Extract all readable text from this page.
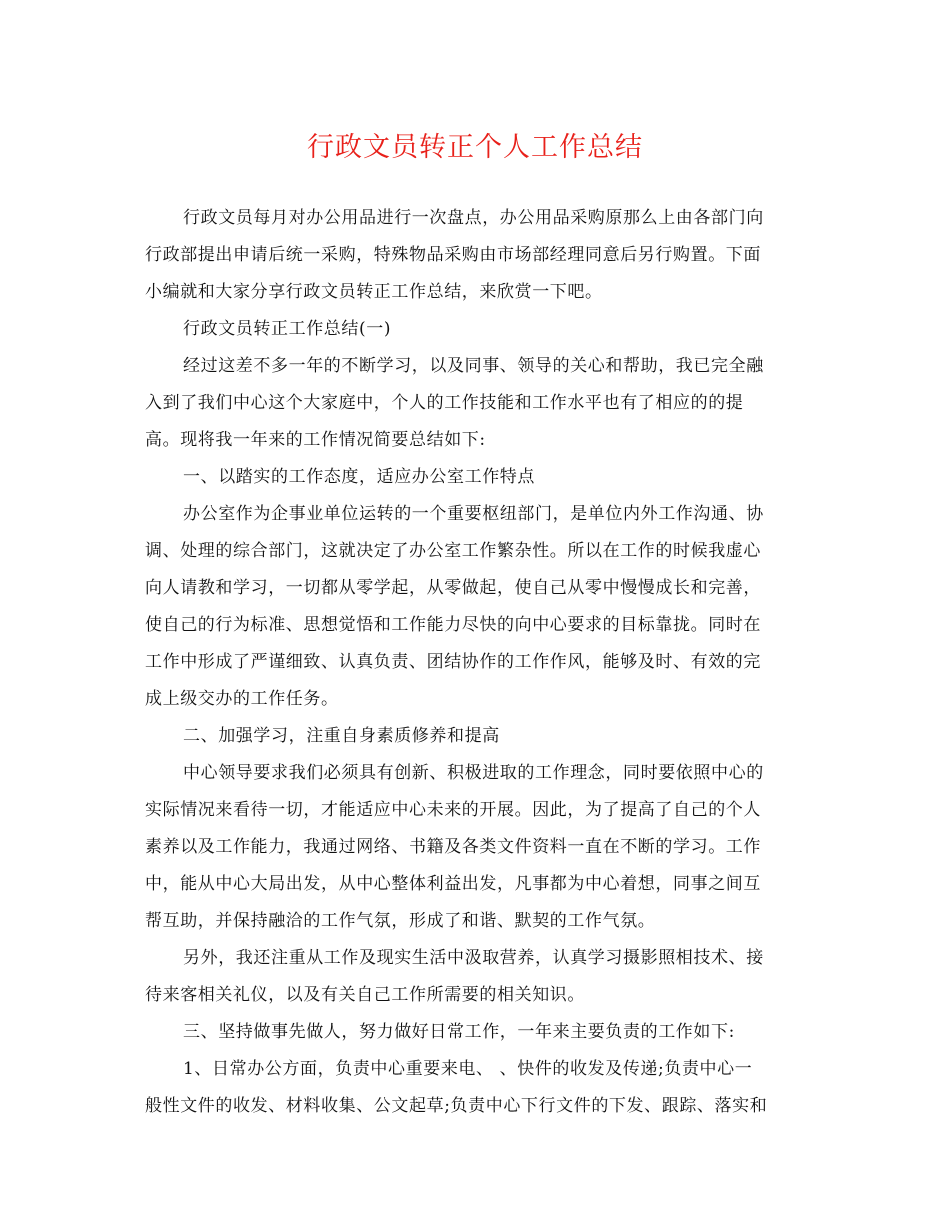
行政文员转正个人工作总结
行政文员每月对办公用品进行一次盘点，办公用品采购原那么上由各部门向
行政部提出申请后统一采购，特殊物品采购由市场部经理同意后另行购置。下面
小编就和大家分享行政文员转正工作总结，来欣赏一下吧。
行政文员转正工作总结(一)
经过这差不多一年的不断学习，以及同事、领导的关心和帮助，我已完全融
入到了我们中心这个大家庭中，个人的工作技能和工作水平也有了相应的的提
高。现将我一年来的工作情况简要总结如下:
一、以踏实的工作态度，适应办公室工作特点
办公室作为企事业单位运转的一个重要枢纽部门，是单位内外工作沟通、协
调、处理的综合部门，这就决定了办公室工作繁杂性。所以在工作的时候我虚心
向人请教和学习，一切都从零学起，从零做起，使自己从零中慢慢成长和完善，
使自己的行为标准、思想觉悟和工作能力尽快的向中心要求的目标靠拢。同时在
工作中形成了严谨细致、认真负责、团结协作的工作作风，能够及时、有效的完
成上级交办的工作任务。
二、加强学习，注重自身素质修养和提高
中心领导要求我们必须具有创新、积极进取的工作理念，同时要依照中心的
实际情况来看待一切，才能适应中心未来的开展。因此，为了提高了自己的个人
素养以及工作能力，我通过网络、书籍及各类文件资料一直在不断的学习。工作
中，能从中心大局出发，从中心整体利益出发，凡事都为中心着想，同事之间互
帮互助，并保持融洽的工作气氛，形成了和谐、默契的工作气氛。
另外，我还注重从工作及现实生活中汲取营养，认真学习摄影照相技术、接
待来客相关礼仪，以及有关自己工作所需要的相关知识。
三、坚持做事先做人，努力做好日常工作，一年来主要负责的工作如下:
1、日常办公方面，负责中心重要来电、 、快件的收发及传递;负责中心一
般性文件的收发、材料收集、公文起草;负责中心下行文件的下发、跟踪、落实和
